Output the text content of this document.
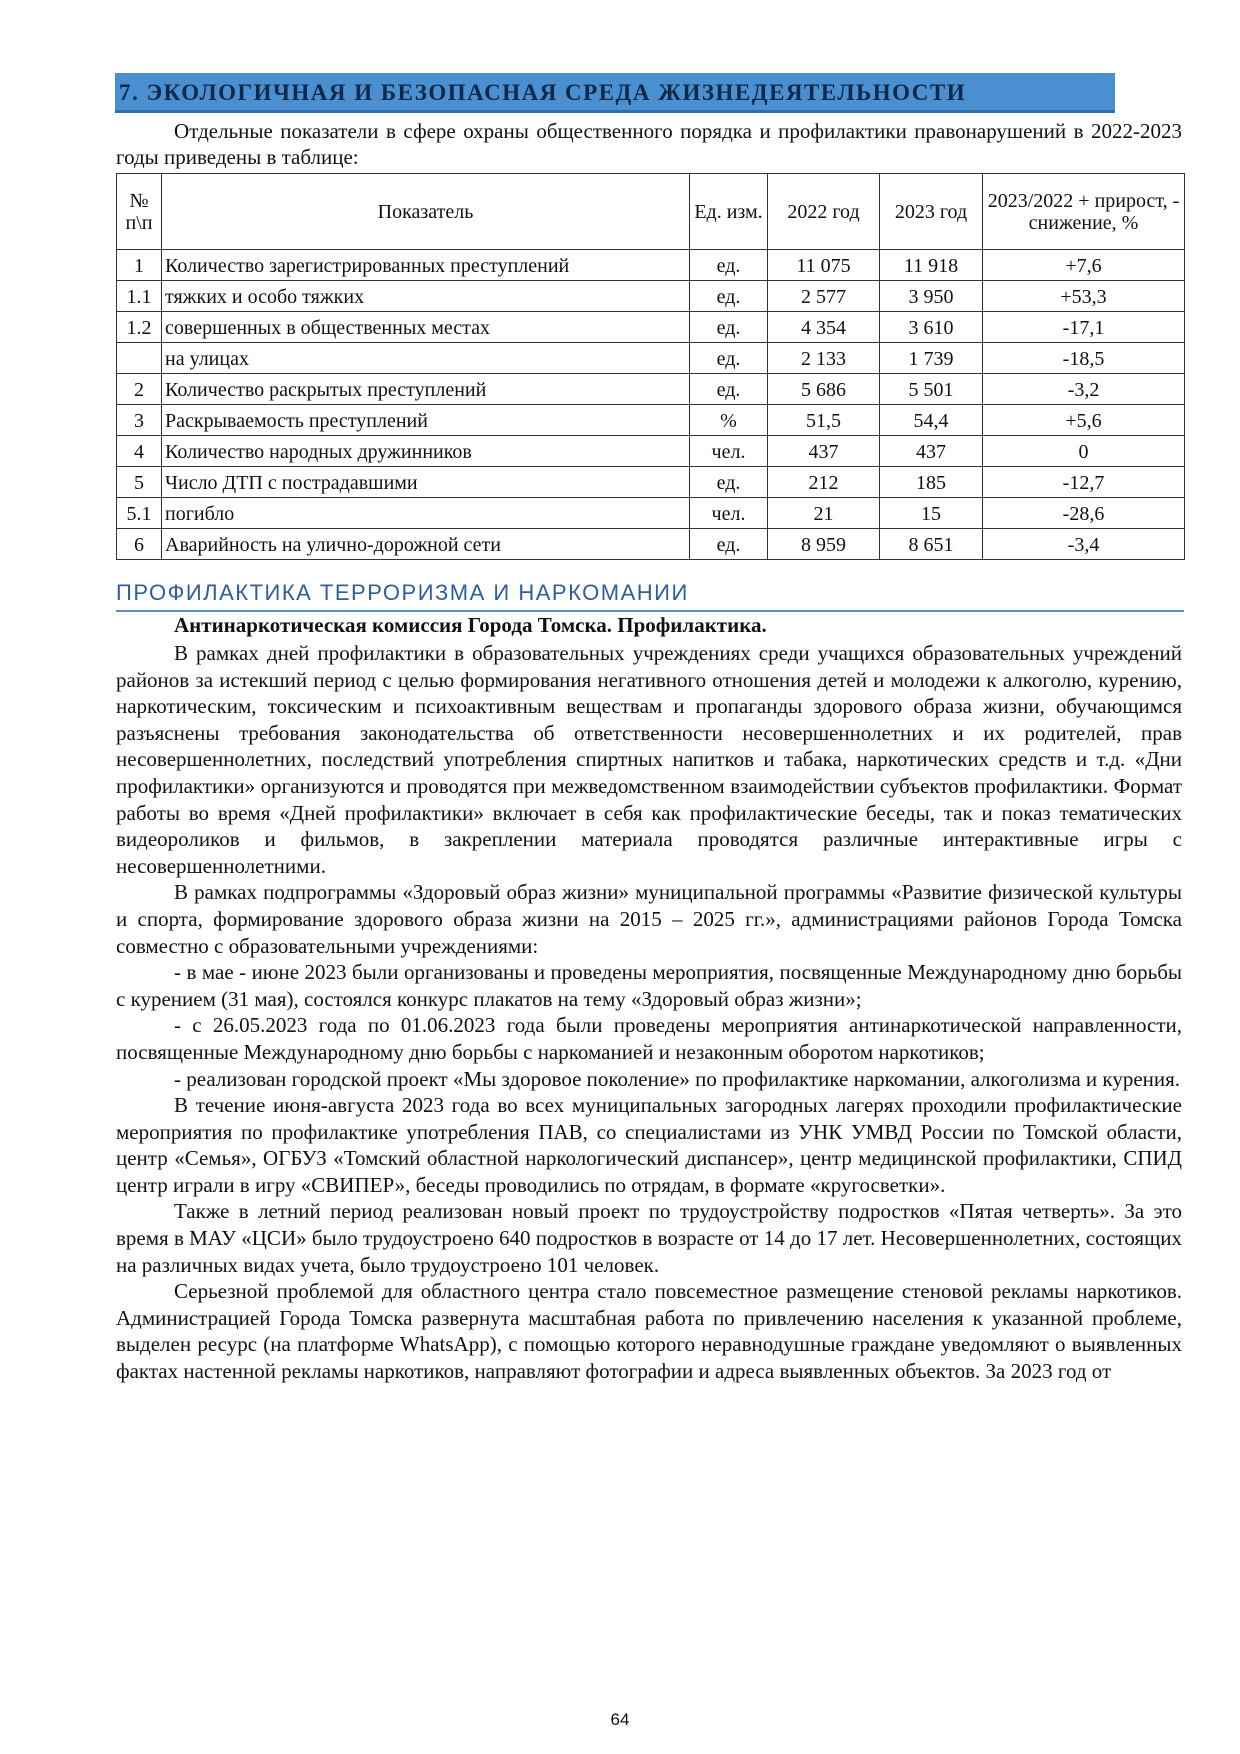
7. ЭКОЛОГИЧНАЯ И БЕЗОПАСНАЯ СРЕДА ЖИЗНЕДЕЯТЕЛЬНОСТИ

Отдельные показатели в сфере охраны общественного порядка и профилактики правонарушений в 2022-2023 годы приведены в таблице:

№ п\п	Показатель	Ед. изм.	2022 год	2023 год	2023/2022 + прирост, - снижение, %
1	Количество зарегистрированных преступлений	ед.	11 075	11 918	+7,6
1.1	тяжких и особо тяжких	ед.	2 577	3 950	+53,3
1.2	совершенных в общественных местах	ед.	4 354	3 610	-17,1
	на улицах	ед.	2 133	1 739	-18,5
2	Количество раскрытых преступлений	ед.	5 686	5 501	-3,2
3	Раскрываемость преступлений	%	51,5	54,4	+5,6
4	Количество народных дружинников	чел.	437	437	0
5	Число ДТП с пострадавшими	ед.	212	185	-12,7
5.1	погибло	чел.	21	15	-28,6
6	Аварийность на улично-дорожной сети	ед.	8 959	8 651	-3,4
ПРОФИЛАКТИКА ТЕРРОРИЗМА И НАРКОМАНИИ

Антинаркотическая комиссия Города Томска. Профилактика.

В рамках дней профилактики в образовательных учреждениях среди учащихся образовательных учреждений районов за истекший период с целью формирования негативного отношения детей и молодежи к алкоголю, курению, наркотическим, токсическим и психоактивным веществам и пропаганды здорового образа жизни, обучающимся разъяснены требования законодательства об ответственности несовершеннолетних и их родителей, прав несовершеннолетних, последствий употребления спиртных напитков и табака, наркотических средств и т.д. «Дни профилактики» организуются и проводятся при межведомственном взаимодействии субъектов профилактики. Формат работы во время «Дней профилактики» включает в себя как профилактические беседы, так и показ тематических видеороликов и фильмов, в закреплении материала проводятся различные интерактивные игры с несовершеннолетними.

В рамках подпрограммы «Здоровый образ жизни» муниципальной программы «Развитие физической культуры и спорта, формирование здорового образа жизни на 2015 – 2025 гг.», администрациями районов Города Томска совместно с образовательными учреждениями:

- в мае - июне 2023 были организованы и проведены мероприятия, посвященные Международному дню борьбы с курением (31 мая), состоялся конкурс плакатов на тему «Здоровый образ жизни»;

- с 26.05.2023 года по 01.06.2023 года были проведены мероприятия антинаркотической направленности, посвященные Международному дню борьбы с наркоманией и незаконным оборотом наркотиков;

- реализован городской проект «Мы здоровое поколение» по профилактике наркомании, алкоголизма и курения.

В течение июня-августа 2023 года во всех муниципальных загородных лагерях проходили профилактические мероприятия по профилактике употребления ПАВ, со специалистами из УНК УМВД России по Томской области, центр «Семья», ОГБУЗ «Томский областной наркологический диспансер», центр медицинской профилактики, СПИД центр играли в игру «СВИПЕР», беседы проводились по отрядам, в формате «кругосветки».

Также в летний период реализован новый проект по трудоустройству подростков «Пятая четверть». За это время в МАУ «ЦСИ» было трудоустроено 640 подростков в возрасте от 14 до 17 лет. Несовершеннолетних, состоящих на различных видах учета, было трудоустроено 101 человек.

Серьезной проблемой для областного центра стало повсеместное размещение стеновой рекламы наркотиков. Администрацией Города Томска развернута масштабная работа по привлечению населения к указанной проблеме, выделен ресурс (на платформе WhatsApp), с помощью которого неравнодушные граждане уведомляют о выявленных фактах настенной рекламы наркотиков, направляют фотографии и адреса выявленных объектов. За 2023 год от

64
